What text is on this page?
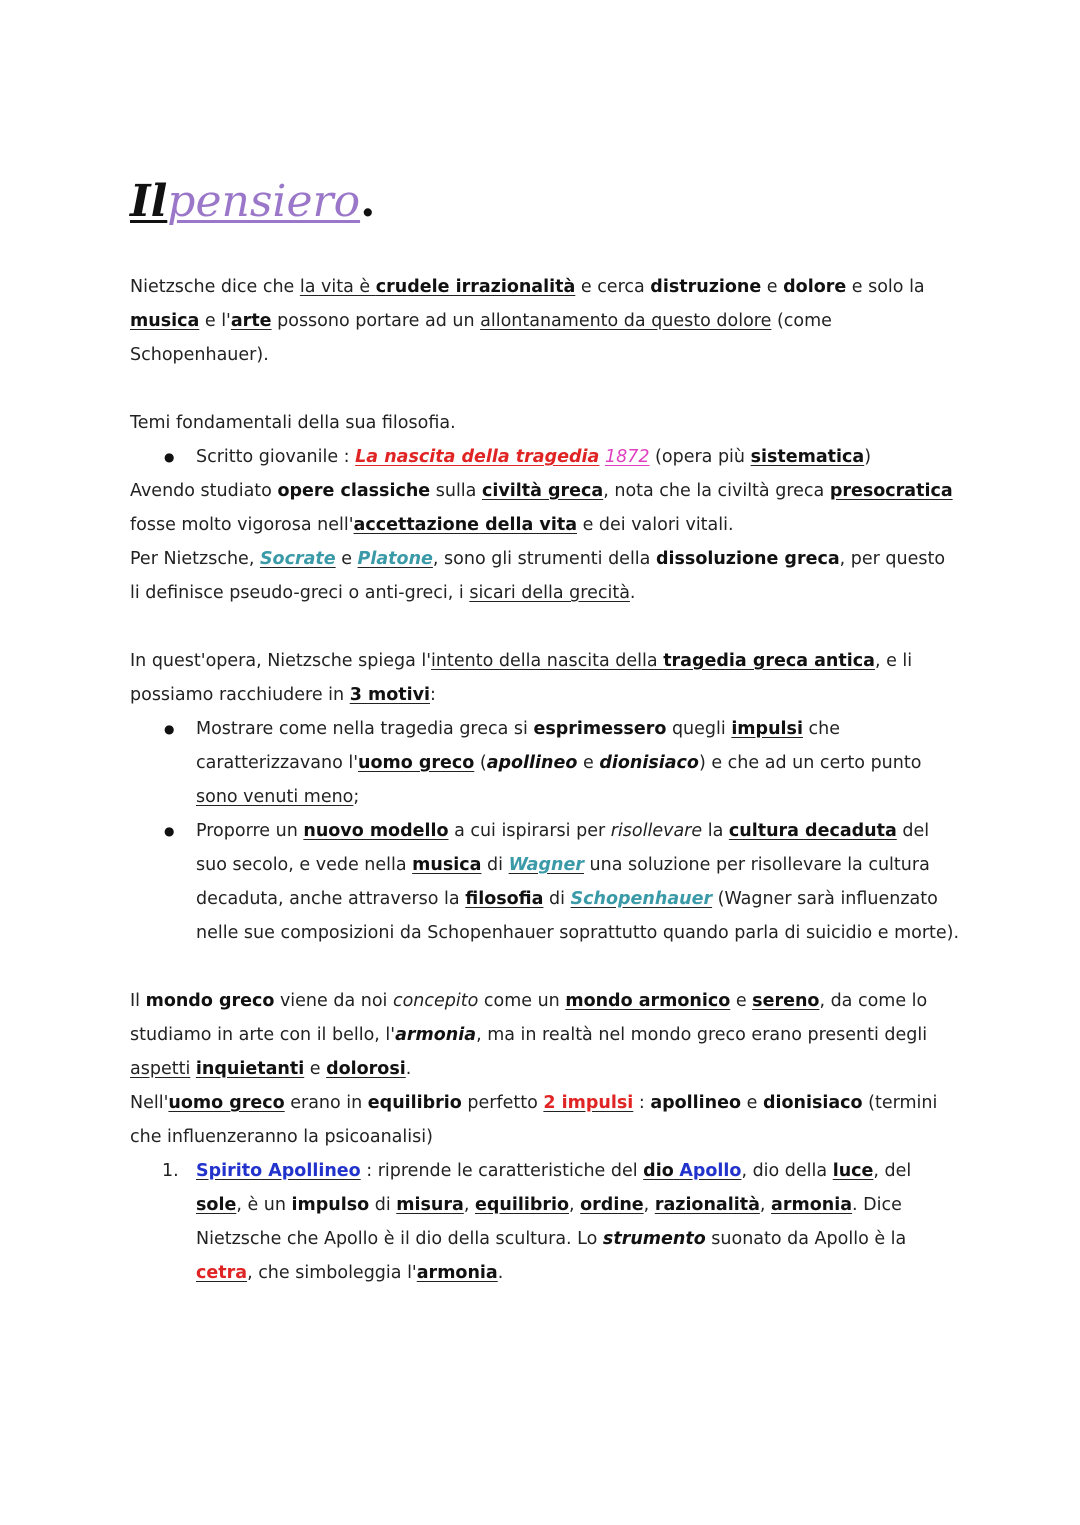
Ilpensiero.

Nietzsche dice che la vita è crudele irrazionalità e cerca distruzione e dolore e solo la musica e l'arte possono portare ad un allontanamento da questo dolore (come Schopenhauer).

Temi fondamentali della sua filosofia.

● Scritto giovanile : La nascita della tragedia 1872 (opera più sistematica)

Avendo studiato opere classiche sulla civiltà greca, nota che la civiltà greca presocratica fosse molto vigorosa nell'accettazione della vita e dei valori vitali.

Per Nietzsche, Socrate e Platone, sono gli strumenti della dissoluzione greca, per questo li definisce pseudo-greci o anti-greci, i sicari della grecità.

In quest'opera, Nietzsche spiega l'intento della nascita della tragedia greca antica, e li possiamo racchiudere in 3 motivi:

● Mostrare come nella tragedia greca si esprimessero quegli impulsi che caratterizzavano l'uomo greco (apollineo e dionisiaco) e che ad un certo punto sono venuti meno;
● Proporre un nuovo modello a cui ispirarsi per risollevare la cultura decaduta del suo secolo, e vede nella musica di Wagner una soluzione per risollevare la cultura decaduta, anche attraverso la filosofia di Schopenhauer (Wagner sarà influenzato nelle sue composizioni da Schopenhauer soprattutto quando parla di suicidio e morte).

Il mondo greco viene da noi concepito come un mondo armonico e sereno, da come lo studiamo in arte con il bello, l'armonia, ma in realtà nel mondo greco erano presenti degli aspetti inquietanti e dolorosi.

Nell'uomo greco erano in equilibrio perfetto 2 impulsi : apollineo e dionisiaco (termini che influenzeranno la psicoanalisi)

1. Spirito Apollineo : riprende le caratteristiche del dio Apollo, dio della luce, del sole, è un impulso di misura, equilibrio, ordine, razionalità, armonia. Dice Nietzsche che Apollo è il dio della scultura. Lo strumento suonato da Apollo è la cetra, che simboleggia l'armonia.
